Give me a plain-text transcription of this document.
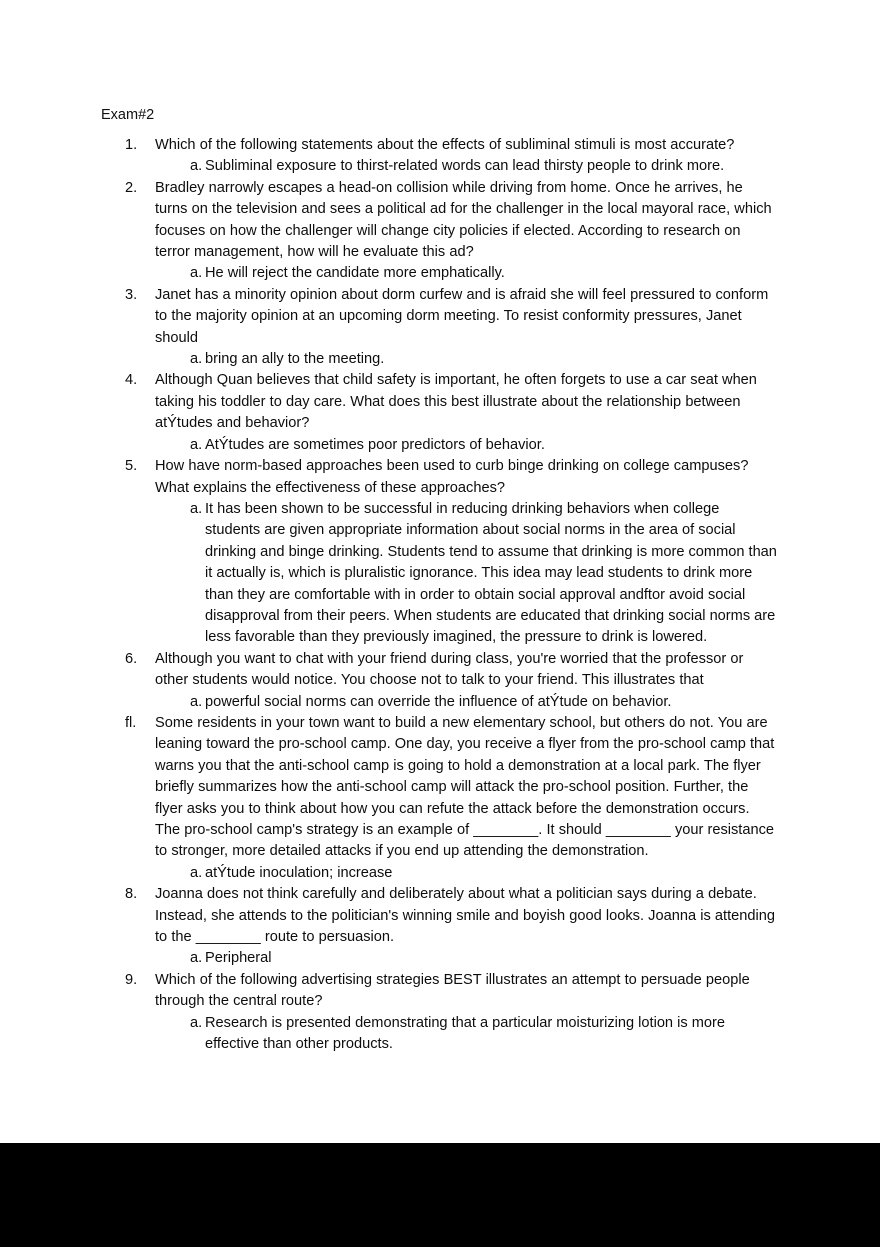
Exam#2
1.	Which of the following statements about the effects of subliminal stimuli is most accurate?
a. Subliminal exposure to thirst-related words can lead thirsty people to drink more.
2.	Bradley narrowly escapes a head-on collision while driving from home. Once he arrives, he turns on the television and sees a political ad for the challenger in the local mayoral race, which focuses on how the challenger will change city policies if elected. According to research on terror management, how will he evaluate this ad?
a. He will reject the candidate more emphatically.
3.	Janet has a minority opinion about dorm curfew and is afraid she will feel pressured to conform to the majority opinion at an upcoming dorm meeting. To resist conformity pressures, Janet should
a. bring an ally to the meeting.
4.	Although Quan believes that child safety is important, he often forgets to use a car seat when taking his toddler to day care. What does this best illustrate about the relationship between atÝtudes and behavior?
a. AtÝtudes are sometimes poor predictors of behavior.
5.	How have norm-based approaches been used to curb binge drinking on college campuses? What explains the effectiveness of these approaches?
a. It has been shown to be successful in reducing drinking behaviors when college students are given appropriate information about social norms in the area of social drinking and binge drinking. Students tend to assume that drinking is more common than it actually is, which is pluralistic ignorance. This idea may lead students to drink more than they are comfortable with in order to obtain social approval andftor avoid social disapproval from their peers. When students are educated that drinking social norms are less favorable than they previously imagined, the pressure to drink is lowered.
6.	Although you want to chat with your friend during class, you're worried that the professor or other students would notice. You choose not to talk to your friend. This illustrates that
a. powerful social norms can override the influence of atÝtude on behavior.
fl.	Some residents in your town want to build a new elementary school, but others do not. You are leaning toward the pro-school camp. One day, you receive a flyer from the pro-school camp that warns you that the anti-school camp is going to hold a demonstration at a local park. The flyer briefly summarizes how the anti-school camp will attack the pro-school position. Further, the flyer asks you to think about how you can refute the attack before the demonstration occurs. The pro-school camp's strategy is an example of ________. It should ________ your resistance to stronger, more detailed attacks if you end up attending the demonstration.
a. atÝtude inoculation; increase
8.	Joanna does not think carefully and deliberately about what a politician says during a debate. Instead, she attends to the politician's winning smile and boyish good looks. Joanna is attending to the ________ route to persuasion.
a. Peripheral
9.	Which of the following advertising strategies BEST illustrates an attempt to persuade people through the central route?
a. Research is presented demonstrating that a particular moisturizing lotion is more effective than other products.
